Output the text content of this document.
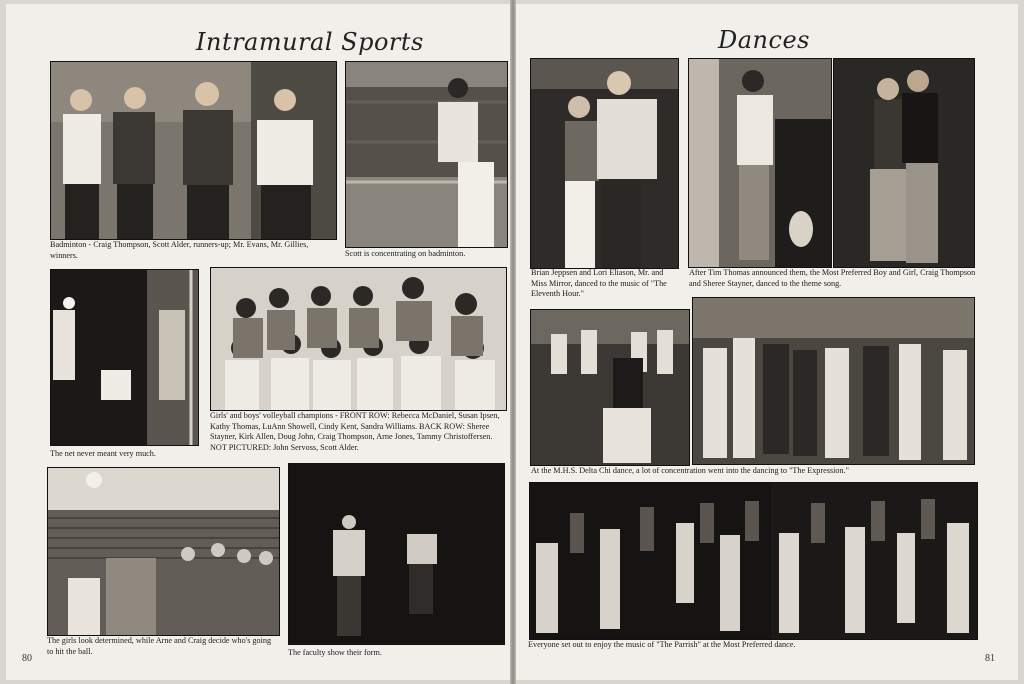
Intramural Sports	Dances
Badminton - Craig Thompson, Scott Alder, runners-up; Mr. Evans, Mr. Gillies, winners.	Scott is concentrating on badminton.
The net never meant very much.
Girls' and boys' volleyball champions - FRONT ROW: Rebecca McDaniel, Susan Ipsen, Kathy Thomas, LuAnn Showell, Cindy Kent, Sandra Williams. BACK ROW: Sheree Stayner, Kirk Allen, Doug John, Craig Thompson, Arne Jones, Tammy Christoffersen. NOT PICTURED: John Servoss, Scott Alder.
The girls look determined, while Arne and Craig decide who's going to hit the ball.	The faculty show their form.
80
Brian Jeppsen and Lori Eliason, Mr. and Miss Mirror, danced to the music of "The Eleventh Hour."
After Tim Thomas announced them, the Most Preferred Boy and Girl, Craig Thompson and Sheree Stayner, danced to the theme song.
At the M.H.S. Delta Chi dance, a lot of concentration went into the dancing to "The Expression."
Everyone set out to enjoy the music of "The Parrish" at the Most Preferred dance.
81
